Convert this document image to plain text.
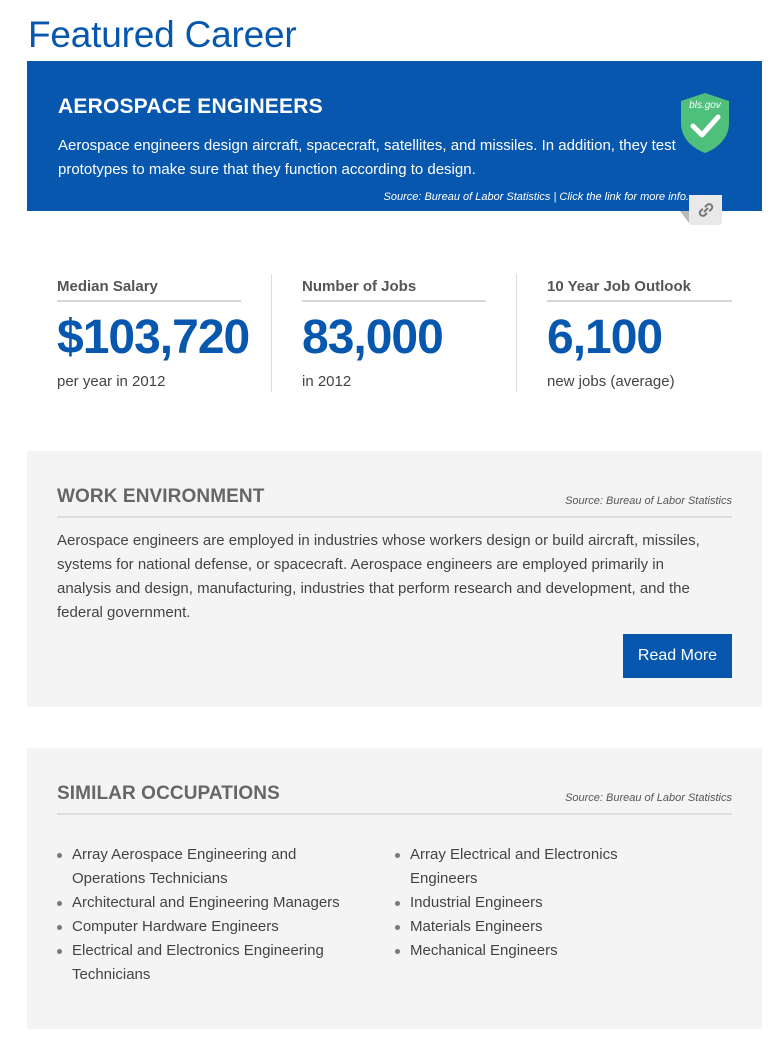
Featured Career
AEROSPACE ENGINEERS
Aerospace engineers design aircraft, spacecraft, satellites, and missiles. In addition, they test prototypes to make sure that they function according to design.
Source: Bureau of Labor Statistics | Click the link for more info.
bls.gov
Median Salary
$103,720
per year in 2012
Number of Jobs
83,000
in 2012
10 Year Job Outlook
6,100
new jobs (average)
WORK ENVIRONMENT	Source: Bureau of Labor Statistics

Aerospace engineers are employed in industries whose workers design or build aircraft, missiles, systems for national defense, or spacecraft. Aerospace engineers are employed primarily in analysis and design, manufacturing, industries that perform research and development, and the federal government.

Read More
SIMILAR OCCUPATIONS	Source: Bureau of Labor Statistics
Array Aerospace Engineering and Operations Technicians
Architectural and Engineering Managers
Computer Hardware Engineers
Electrical and Electronics Engineering Technicians
Array Electrical and Electronics Engineers
Industrial Engineers
Materials Engineers
Mechanical Engineers
